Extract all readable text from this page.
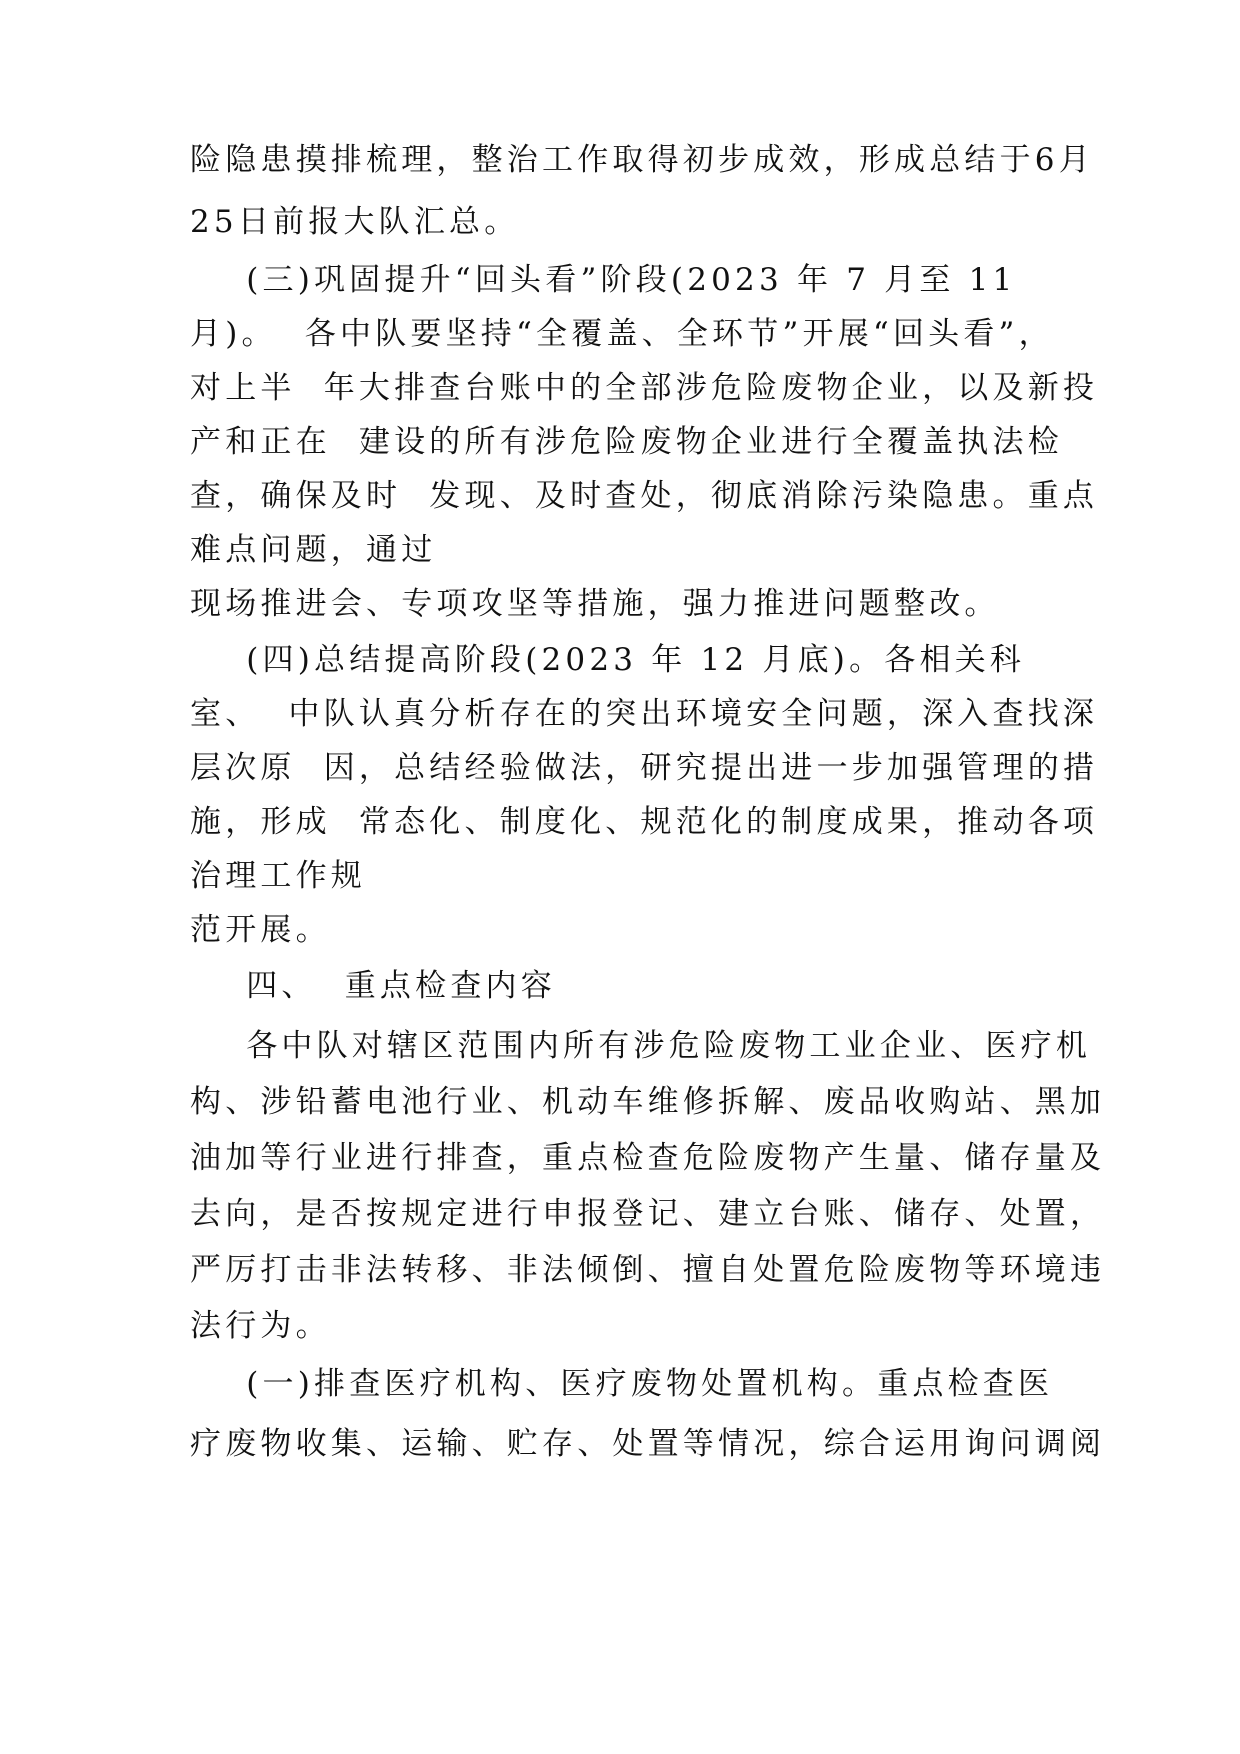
险隐患摸排梳理，整治工作取得初步成效，形成总结于6月

25日前报大队汇总。

(三)巩固提升“回头看”阶段(2023 年 7 月至 11

月)。  各中队要坚持“全覆盖、全环节”开展“回头看”，

对上半  年大排查台账中的全部涉危险废物企业，以及新投

产和正在  建设的所有涉危险废物企业进行全覆盖执法检

查，确保及时  发现、及时查处，彻底消除污染隐患。重点

难点问题，通过

现场推进会、专项攻坚等措施，强力推进问题整改。

(四)总结提高阶段(2023 年 12 月底)。各相关科

室、  中队认真分析存在的突出环境安全问题，深入查找深

层次原  因，总结经验做法，研究提出进一步加强管理的措

施，形成  常态化、制度化、规范化的制度成果，推动各项

治理工作规

范开展。

四、  重点检查内容

各中队对辖区范围内所有涉危险废物工业企业、医疗机

构、涉铅蓄电池行业、机动车维修拆解、废品收购站、黑加

油加等行业进行排查，重点检查危险废物产生量、储存量及

去向，是否按规定进行申报登记、建立台账、储存、处置，

严厉打击非法转移、非法倾倒、擅自处置危险废物等环境违

法行为。

(一)排查医疗机构、医疗废物处置机构。重点检查医

疗废物收集、运输、贮存、处置等情况，综合运用询问调阅
